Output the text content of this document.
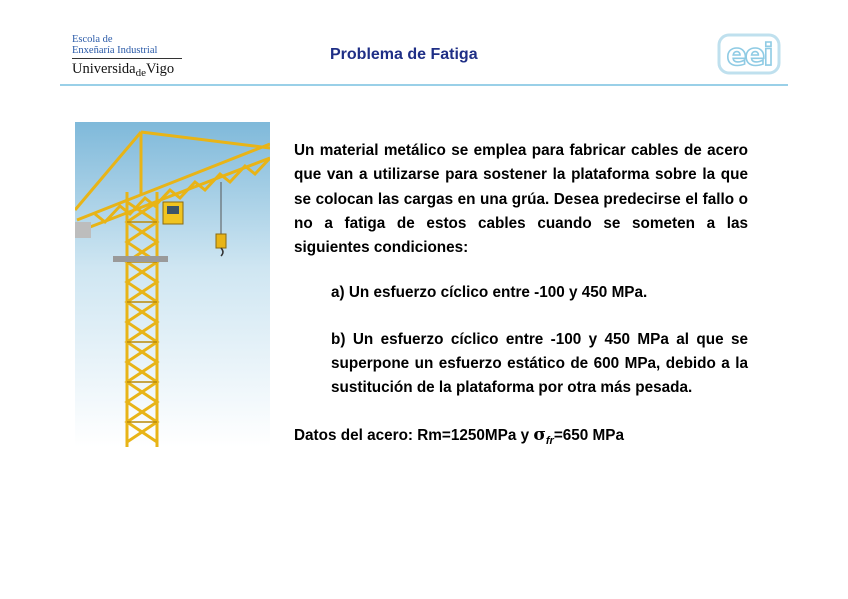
Escola de
Enxeñaría Industrial
Universida$_{de}$Vigo
Problema de Fatiga	eei

Un material metálico se emplea para fabricar cables de acero que van a utilizarse para sostener la plataforma sobre la que se colocan las cargas en una grúa. Desea predecirse el fallo o no a fatiga de estos cables cuando se someten a las siguientes condiciones:

a) Un esfuerzo cíclico entre -100 y 450 MPa.
b) Un esfuerzo cíclico entre -100 y 450 MPa al que se superpone un esfuerzo estático de 600 MPa, debido a la sustitución de la plataforma por otra más pesada.
Datos del acero: Rm=1250MPa y $\sigma_{fr}=650$ MPa
